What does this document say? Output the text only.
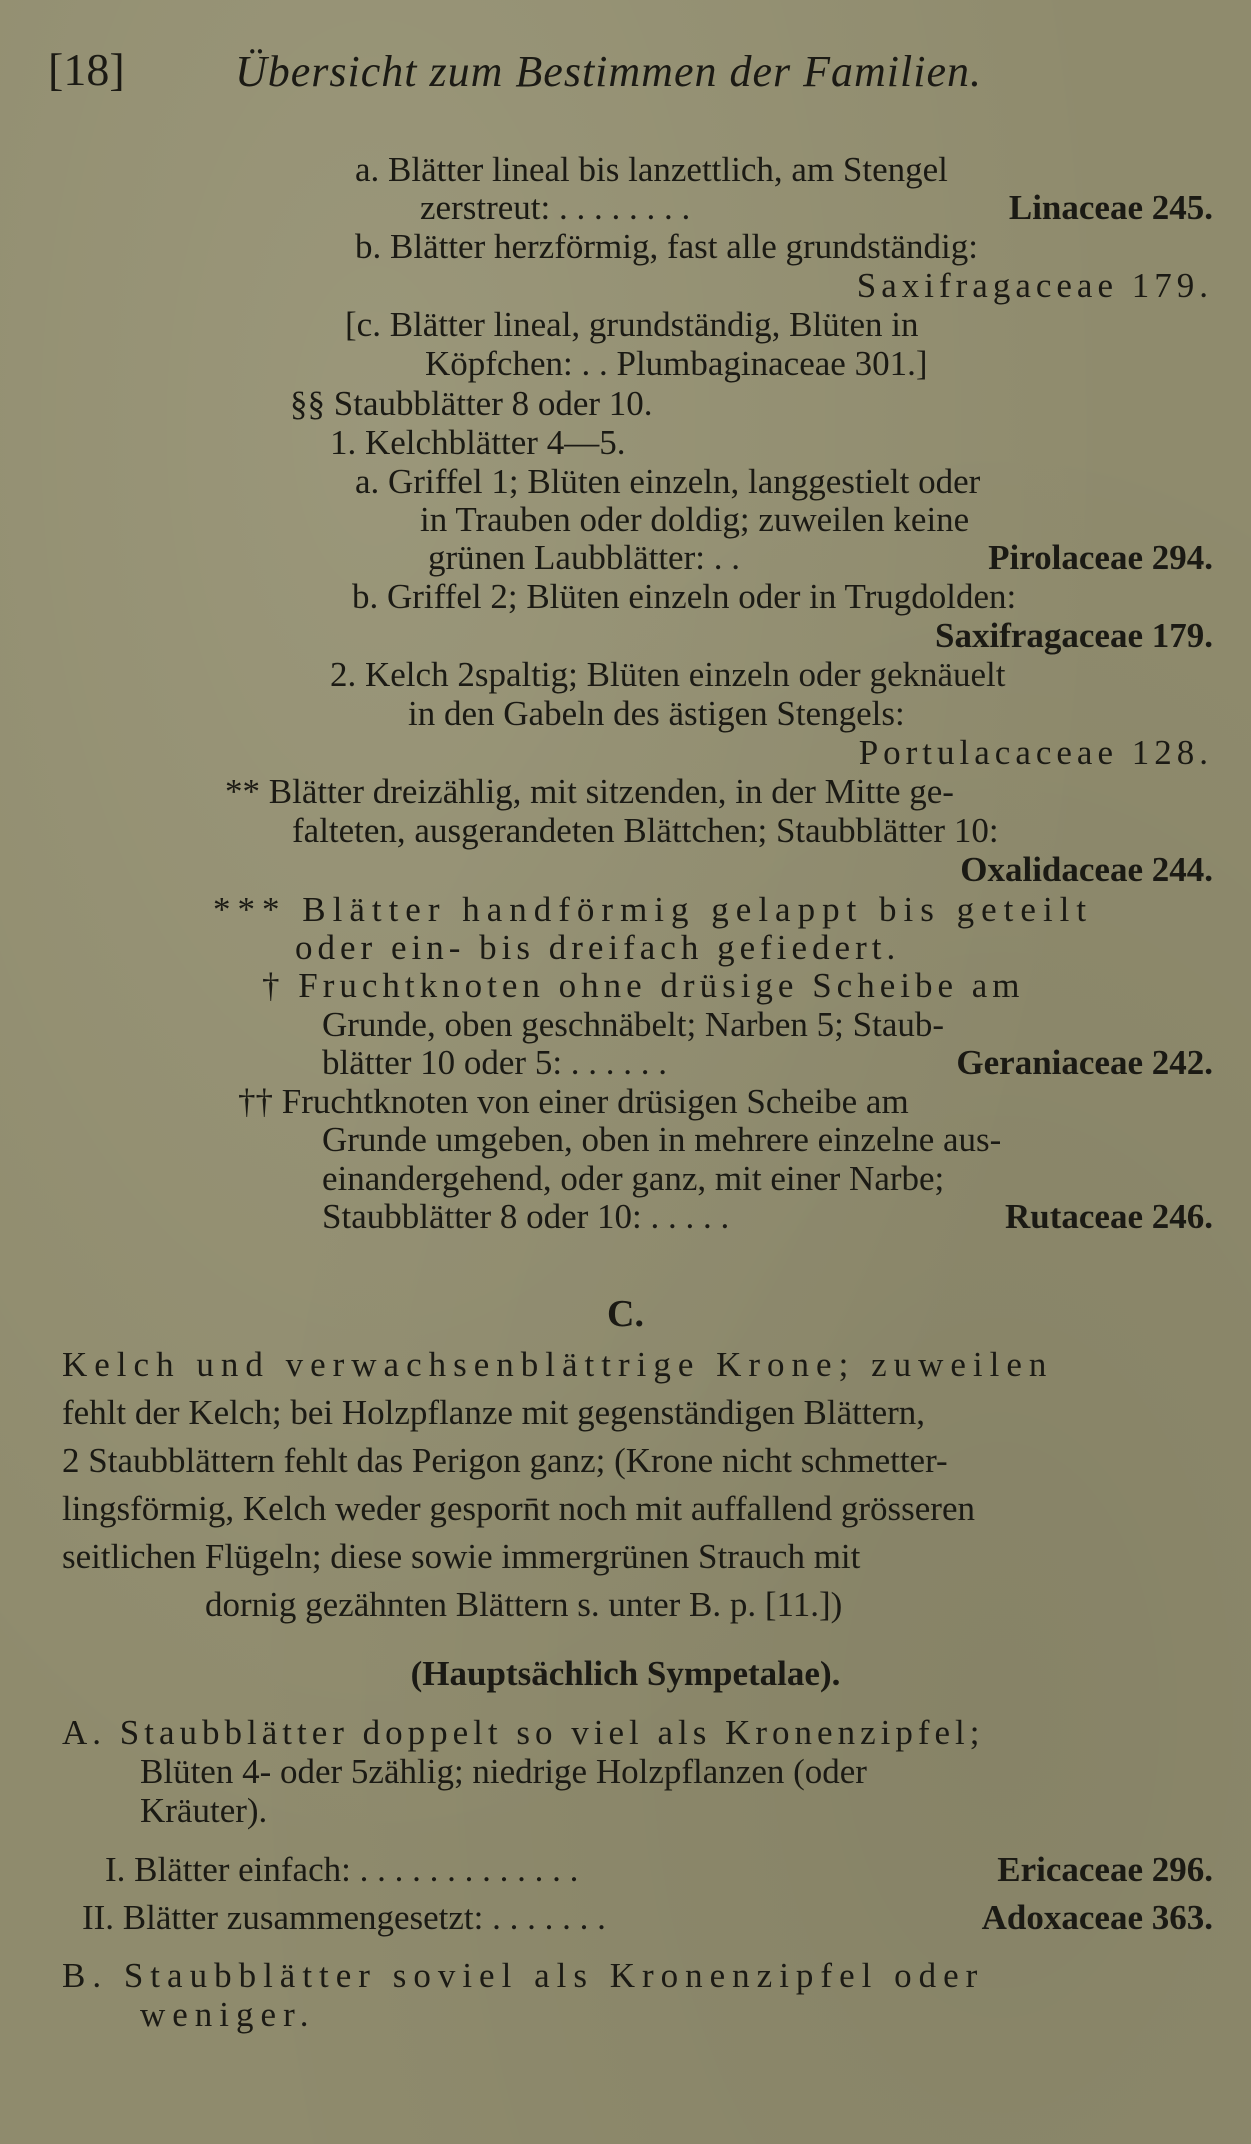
[18]	Übersicht zum Bestimmen der Familien.
a. Blätter lineal bis lanzettlich, am Stengel
zerstreut: . . . . . . . .	Linaceae 245.
b. Blätter herzförmig, fast alle grundständig:
Saxifragaceae 179.
[c. Blätter lineal, grundständig, Blüten in
Köpfchen: . . Plumbaginaceae 301.]
§§ Staubblätter 8 oder 10.
1. Kelchblätter 4—5.
a. Griffel 1; Blüten einzeln, langgestielt oder
in Trauben oder doldig; zuweilen keine
grünen Laubblätter: . .	Pirolaceae 294.
b. Griffel 2; Blüten einzeln oder in Trugdolden:
Saxifragaceae 179.
2. Kelch 2spaltig; Blüten einzeln oder geknäuelt
in den Gabeln des ästigen Stengels:
Portulacaceae 128.
** Blätter dreizählig, mit sitzenden, in der Mitte ge-
falteten, ausgerandeten Blättchen; Staubblätter 10:
Oxalidaceae 244.
*** Blätter handförmig gelappt bis geteilt
oder ein- bis dreifach gefiedert.
† Fruchtknoten ohne drüsige Scheibe am
Grunde, oben geschnäbelt; Narben 5; Staub-
blätter 10 oder 5: . . . . . .	Geraniaceae 242.
†† Fruchtknoten von einer drüsigen Scheibe am
Grunde umgeben, oben in mehrere einzelne aus-
einandergehend, oder ganz, mit einer Narbe;
Staubblätter 8 oder 10: . . . . .	Rutaceae 246.
C.
Kelch und verwachsenblättrige Krone; zuweilen
fehlt der Kelch; bei Holzpflanze mit gegenständigen Blättern,
2 Staubblättern fehlt das Perigon ganz; (Krone nicht schmetter-
lingsförmig, Kelch weder gesporn̄t noch mit auffallend grösseren
seitlichen Flügeln; diese sowie immergrünen Strauch mit
dornig gezähnten Blättern s. unter B. p. [11.])
(Hauptsächlich Sympetalae).
A. Staubblätter doppelt so viel als Kronenzipfel;
Blüten 4- oder 5zählig; niedrige Holzpflanzen (oder
Kräuter).
I. Blätter einfach: . . . . . . . . . . . . .	Ericaceae 296.
II. Blätter zusammengesetzt: . . . . . . .	Adoxaceae 363.
B. Staubblätter soviel als Kronenzipfel oder
weniger.
